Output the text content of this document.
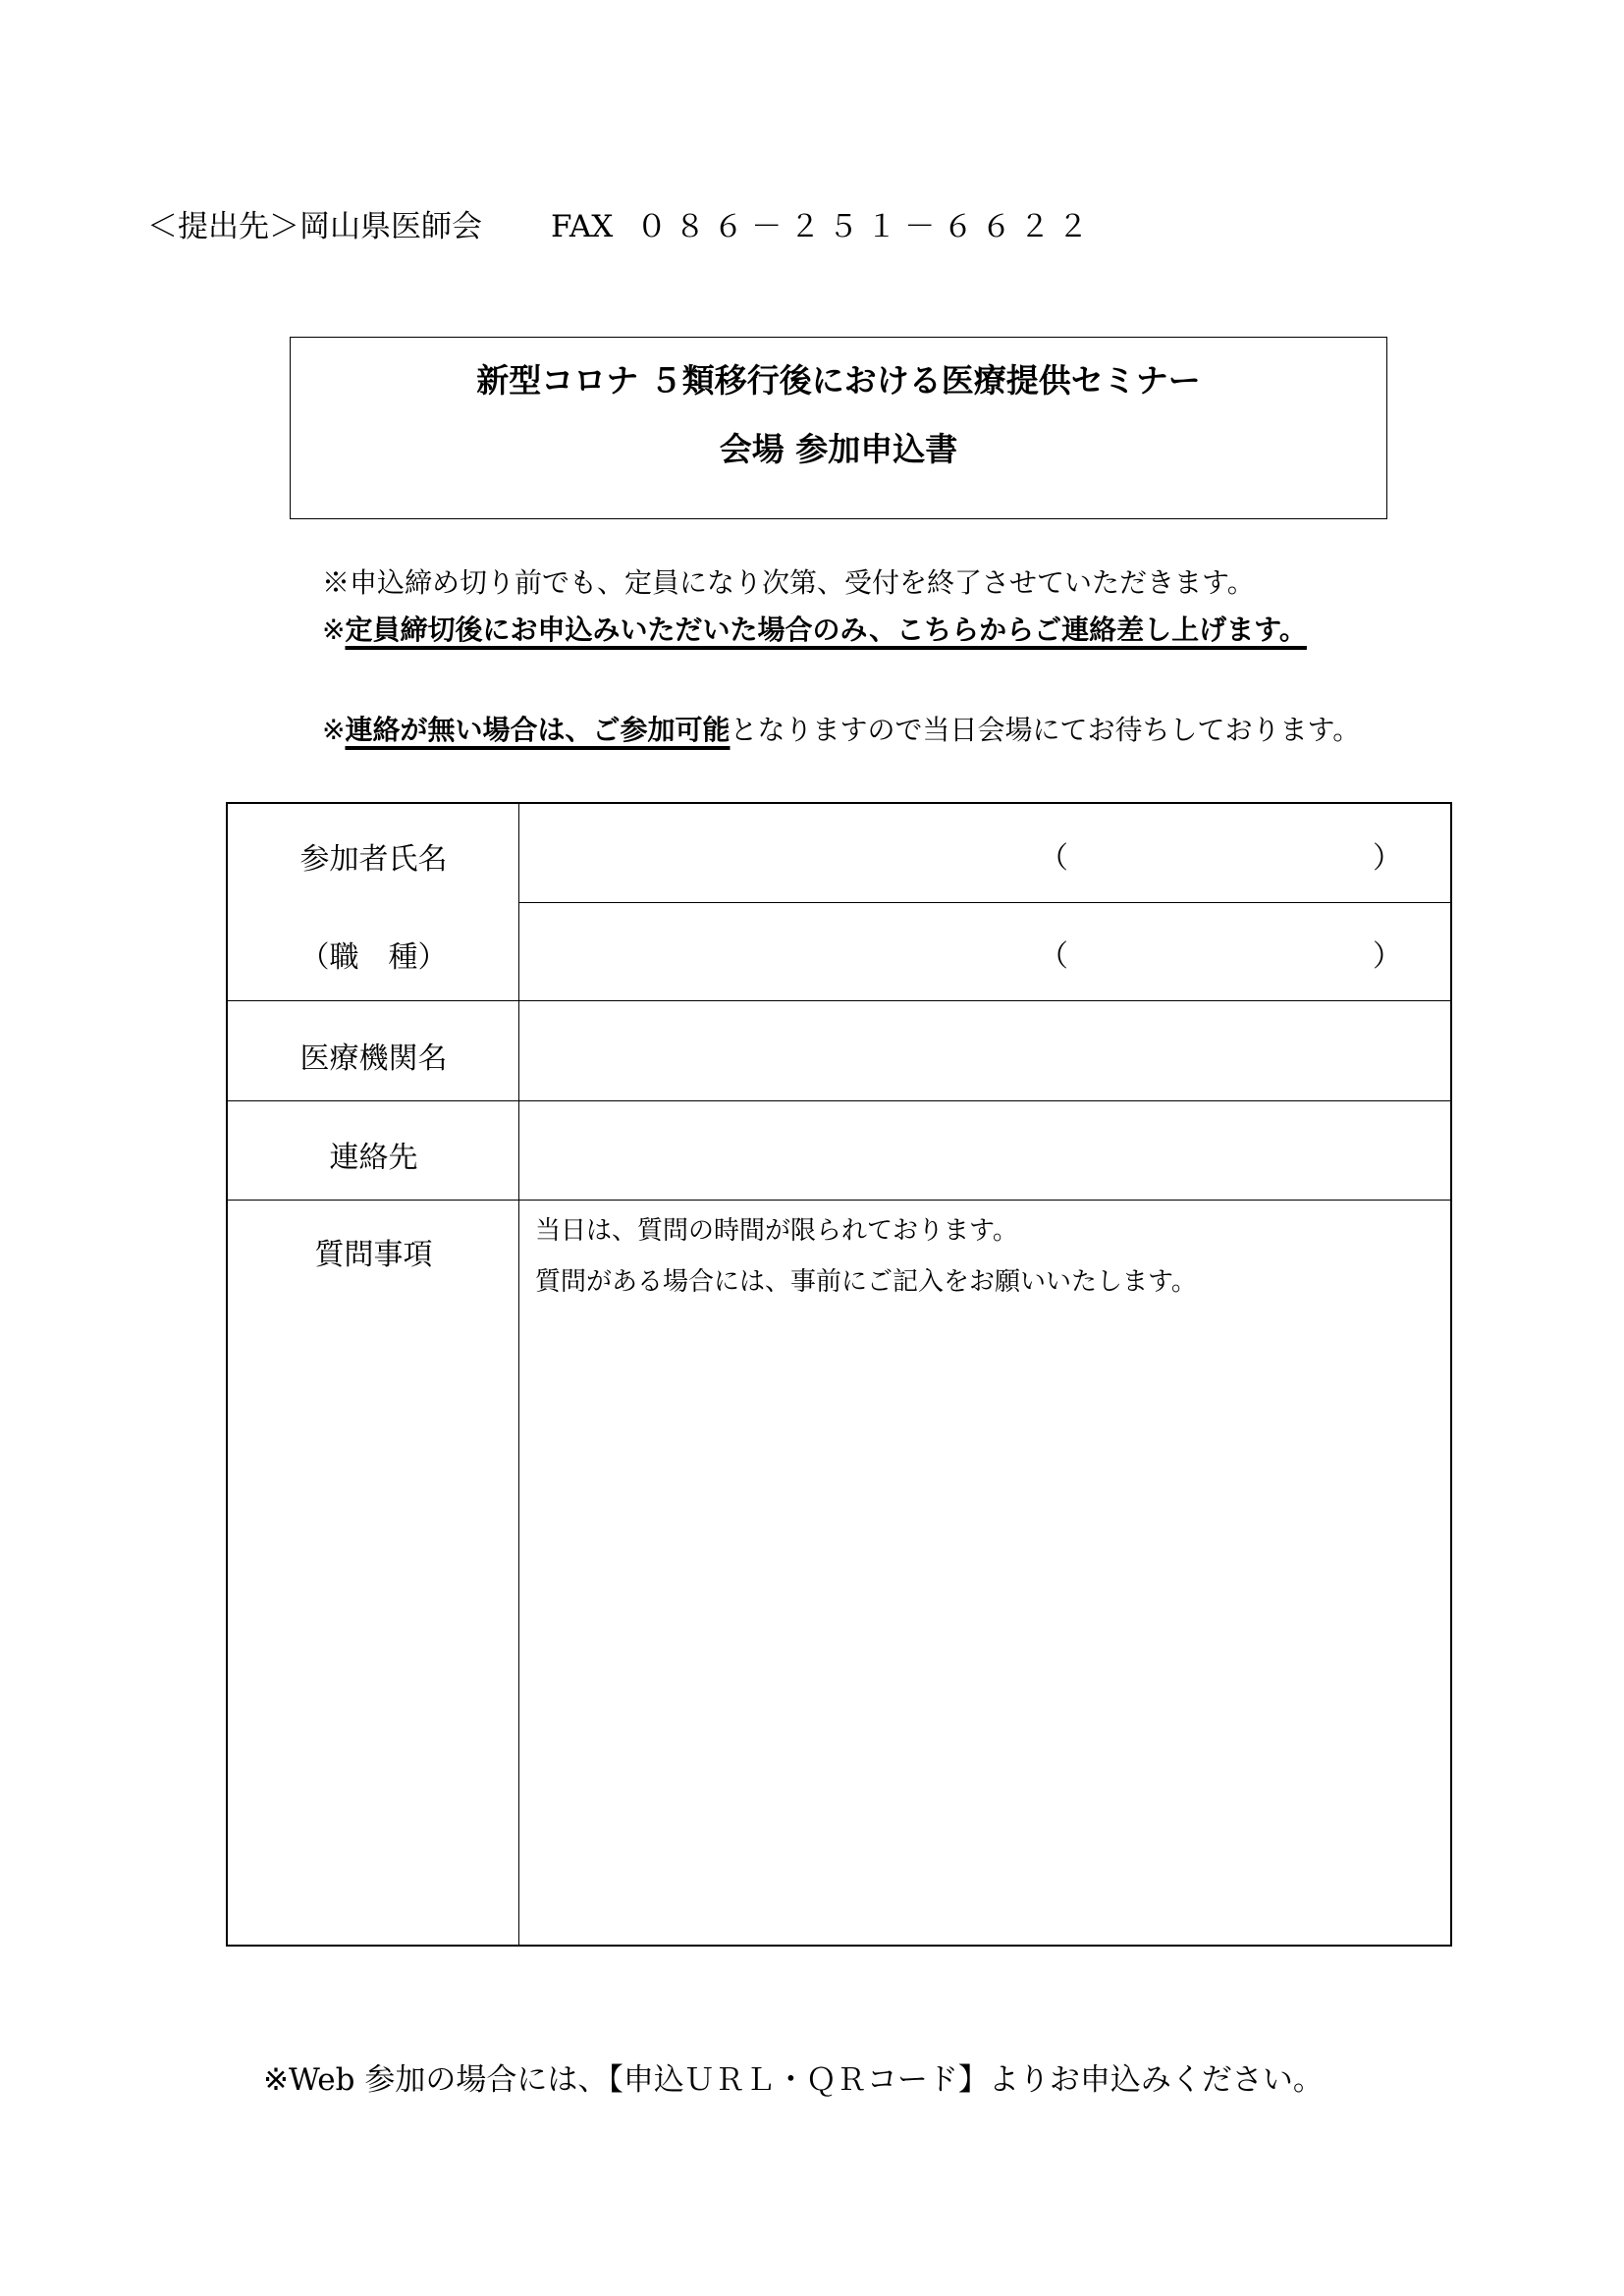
＜提出先＞岡山県医師会 FAX ０８６－２５１－６６２２
新型コロナ ５類移行後における医療提供セミナー
会場 参加申込書
※申込締め切り前でも、定員になり次第、受付を終了させていただきます。
※定員締切後にお申込みいただいた場合のみ、こちらからご連絡差し上げます。
※連絡が無い場合は、ご参加可能となりますので当日会場にてお待ちしております。
参加者氏名
（職　種）
医療機関名
連絡先
質問事項
（	）
（	）
当日は、質問の時間が限られております。
質問がある場合には、事前にご記入をお願いいたします。
※Web 参加の場合には、【申込ＵＲＬ・ＱＲコード】よりお申込みください。
